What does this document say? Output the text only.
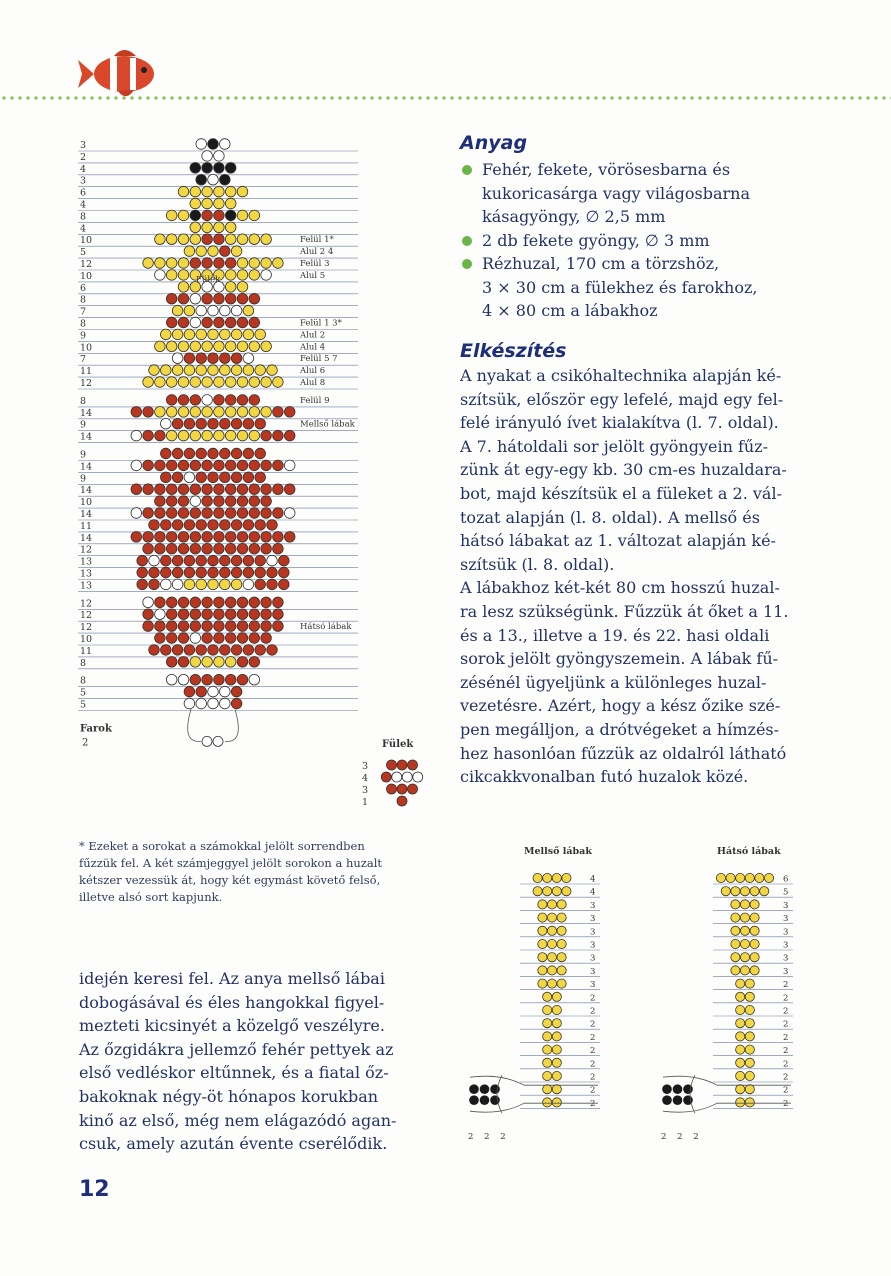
3
2
4
3
6
4
8
4
10	Felül 1*
5	Alul 2 4
12	Felül 3
10	Alul 5
6
8
7
8	Felül 1 3*
9	Alul 2
10	Alul 4
7	Felül 5 7
11	Alul 6
12	Alul 8
8	Felül 9
14
9	Mellső lábak
14
9
14
9
14
10
14
11
14
12
13
13
13
12
12
12	Hátsó lábak
10
11
8
8
5
5
Farok
2
Fülek
Fülek
3
4
3
1
Anyag
Fehér, fekete, vörösesbarna és
kukoricasárga vagy világosbarna
kásagyöngy, ∅ 2,5 mm
2 db fekete gyöngy, ∅ 3 mm
Rézhuzal, 170 cm a törzshöz,
3 × 30 cm a fülekhez és farokhoz,
4 × 80 cm a lábakhoz
Elkészítés
A nyakat a csikóhaltechnika alapján ké-
szítsük, először egy lefelé, majd egy fel-
felé irányuló ívet kialakítva (l. 7. oldal).
A 7. hátoldali sor jelölt gyöngyein fűz-
zünk át egy-egy kb. 30 cm-es huzaldara-
bot, majd készítsük el a füleket a 2. vál-
tozat alapján (l. 8. oldal). A mellső és
hátsó lábakat az 1. változat alapján ké-
szítsük (l. 8. oldal).
A lábakhoz két-két 80 cm hosszú huzal-
ra lesz szükségünk. Fűzzük át őket a 11.
és a 13., illetve a 19. és 22. hasi oldali
sorok jelölt gyöngyszemein. A lábak fű-
zésénél ügyeljünk a különleges huzal-
vezetésre. Azért, hogy a kész őzike szé-
pen megálljon, a drótvégeket a hímzés-
hez hasonlóan fűzzük az oldalról látható
cikcakkvonalban futó huzalok közé.
* Ezeket a sorokat a számokkal jelölt sorrendben
fűzzük fel. A két számjeggyel jelölt sorokon a huzalt
kétszer vezessük át, hogy két egymást követő felső,
illetve alsó sort kapjunk.
idején keresi fel. Az anya mellső lábai
dobogásával és éles hangokkal figyel-
mezteti kicsinyét a közelgő veszélyre.
Az őzgidákra jellemző fehér pettyek az
első vedléskor eltűnnek, és a fiatal őz-
bakoknak négy-öt hónapos korukban
kinő az első, még nem elágazódó agan-
csuk, amely azután évente cserélődik.
Mellső lábak
4
4
3
3
3
3
3
3
3
2
2
2
2
2
2
2
2
2
2 2 2
Hátsó lábak
6
5
3
3
3
3
3
3
2
2
2
2
2
2
2
2
2
2
2 2 2
12
